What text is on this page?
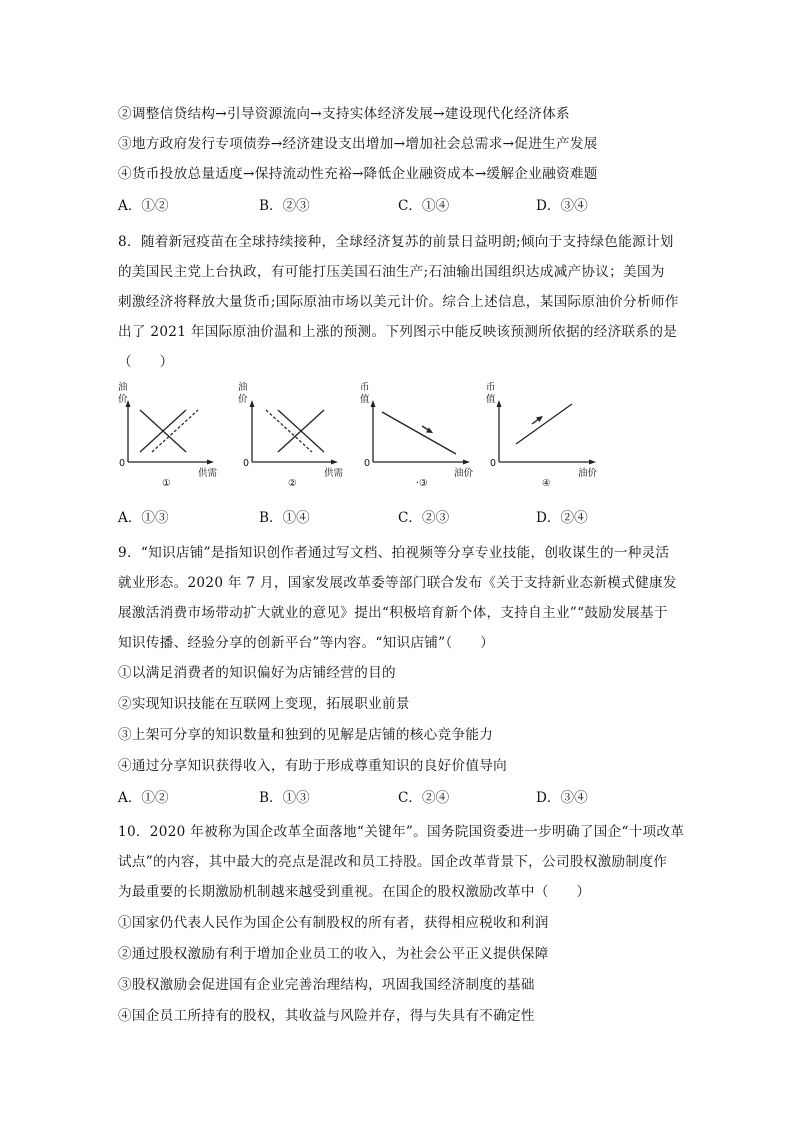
②调整信贷结构→引导资源流向→支持实体经济发展→建设现代化经济体系
③地方政府发行专项债券→经济建设支出增加→增加社会总需求→促进生产发展
④货币投放总量适度→保持流动性充裕→降低企业融资成本→缓解企业融资难题
A．①②	B．②③	C．①④	D．③④
8．随着新冠疫苗在全球持续接种，全球经济复苏的前景日益明朗;倾向于支持绿色能源计划
的美国民主党上台执政，有可能打压美国石油生产;石油输出国组织达成减产协议；美国为
刺激经济将释放大量货币;国际原油市场以美元计价。综合上述信息，某国际原油价分析师作
出了 2021 年国际原油价温和上涨的预测。下列图示中能反映该预测所依据的经济联系的是
（　　）
油
价
0
供需
①
油
价
0
供需
②
币
值
0
油价
·③
币
值
0
油价
④
A．①③	B．①④	C．②③	D．②④
9．“知识店铺”是指知识创作者通过写文档、拍视频等分享专业技能，创收谋生的一种灵活
就业形态。2020 年 7 月，国家发展改革委等部门联合发布《关于支持新业态新模式健康发
展激活消费市场带动扩大就业的意见》提出“积极培育新个体，支持自主业”“鼓励发展基于
知识传播、经验分享的创新平台”等内容。“知识店铺”（　　）
①以满足消费者的知识偏好为店铺经营的目的
②实现知识技能在互联网上变现，拓展职业前景
③上架可分享的知识数量和独到的见解是店铺的核心竞争能力
④通过分享知识获得收入，有助于形成尊重知识的良好价值导向
A．①②	B．①③	C．②④	D．③④
10．2020 年被称为国企改革全面落地“关键年”。国务院国资委进一步明确了国企“十项改革
试点”的内容，其中最大的亮点是混改和员工持股。国企改革背景下，公司股权激励制度作
为最重要的长期激励机制越来越受到重视。在国企的股权激励改革中（　　）
①国家仍代表人民作为国企公有制股权的所有者，获得相应税收和利润
②通过股权激励有利于增加企业员工的收入，为社会公平正义提供保障
③股权激励会促进国有企业完善治理结构，巩固我国经济制度的基础
④国企员工所持有的股权，其收益与风险并存，得与失具有不确定性
